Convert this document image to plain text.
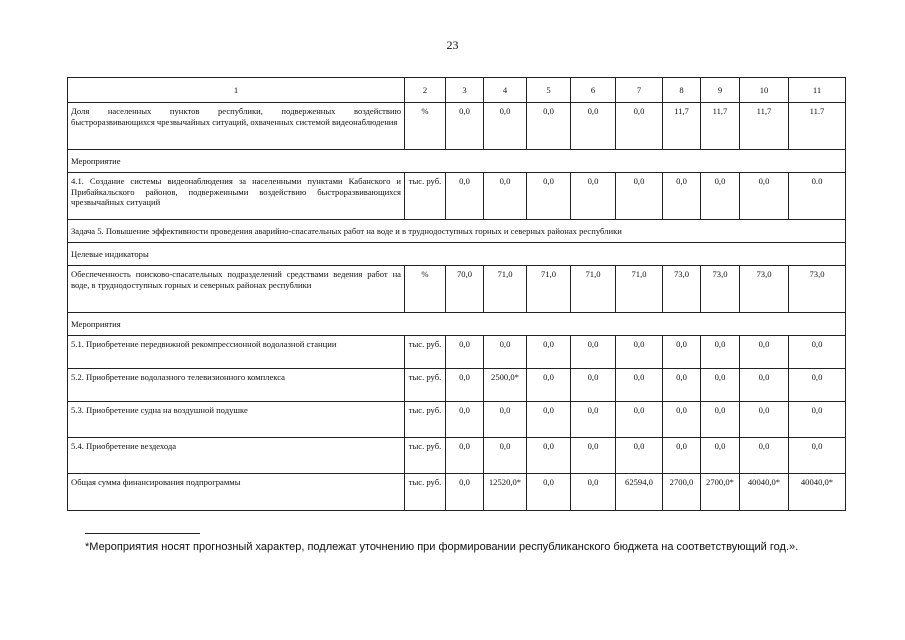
23
1	2	3	4	5	6	7	8	9	10	11
Доля населенных пунктов республики, подверженных воздействию быстроразвивающихся чрезвычайных ситуаций, охваченных системой видеонаблюдения	%	0,0	0,0	0,0	0,0	0,0	11,7	11,7	11,7	11.7
Мероприятие										
4.1. Создание системы видеонаблюдения за населенными пунктами Кабанского и Прибайкальского районов, подверженными воздействию быстроразвивающихся чрезвычайных ситуаций	тыс. руб.	0,0	0,0	0,0	0,0	0,0	0,0	0,0	0,0	0.0
Задача 5. Повышение эффективности проведения аварийно-спасательных работ на воде и в труднодоступных горных и северных районах республики										
Целевые индикаторы										
Обеспеченность поисково-спасательных подразделений средствами ведения работ на воде, в труднодоступных горных и северных районах республики	%	70,0	71,0	71,0	71,0	71,0	73,0	73,0	73,0	73,0
Мероприятия										
5.1. Приобретение передвижной рекомпрессионной водолазной станции	тыс. руб.	0,0	0,0	0,0	0,0	0,0	0,0	0,0	0,0	0,0
5.2. Приобретение водолазного телевизионного комплекса	тыс. руб.	0,0	2500,0*	0,0	0,0	0,0	0,0	0,0	0,0	0,0
5.3. Приобретение судна на воздушной подушке	тыс. руб.	0,0	0,0	0,0	0,0	0,0	0,0	0,0	0,0	0,0
5.4. Приобретение вездехода	тыс. руб.	0,0	0,0	0,0	0,0	0,0	0,0	0,0	0,0	0,0
Общая сумма финансирования подпрограммы	тыс. руб.	0,0	12520,0*	0,0	0,0	62594,0	2700,0	2700,0*	40040,0*	40040,0*
*Мероприятия носят прогнозный характер, подлежат уточнению при формировании республиканского бюджета на соответствующий год.».
